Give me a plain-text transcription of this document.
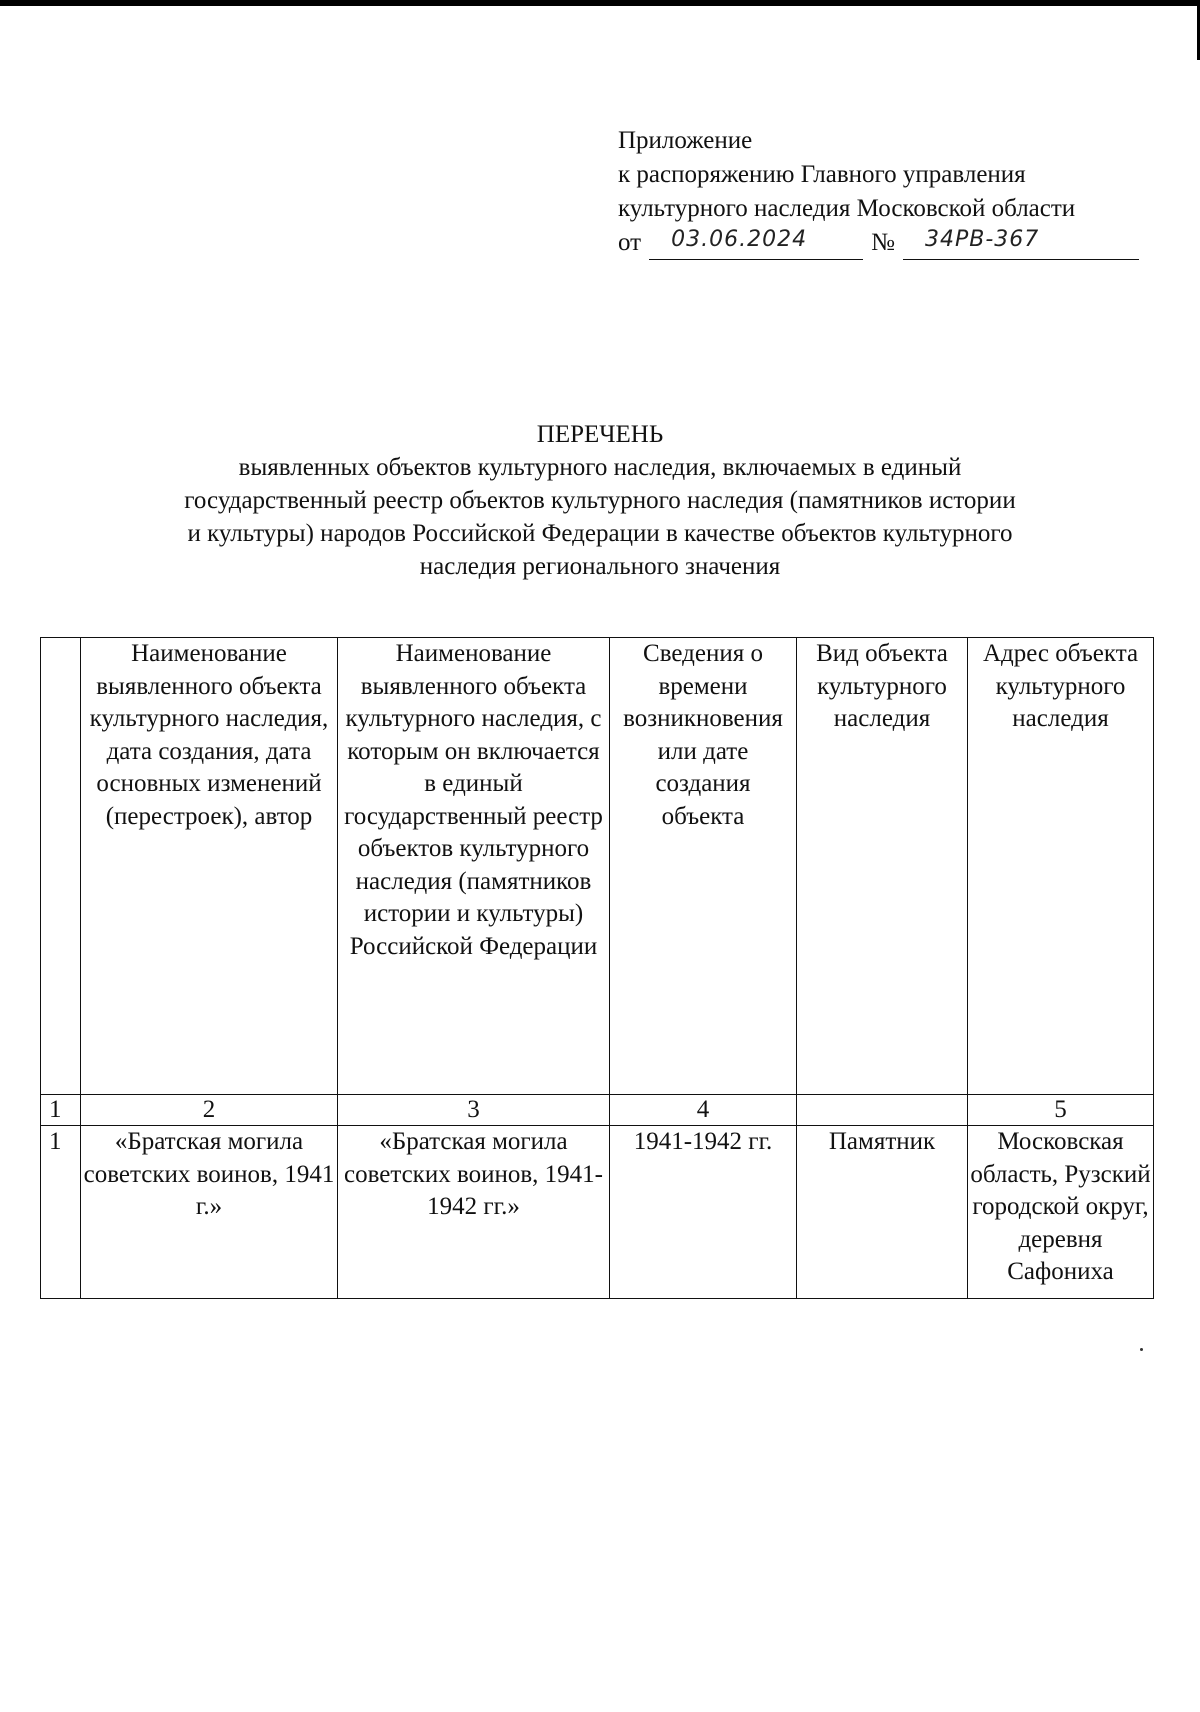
Приложение
к распоряжению Главного управления
культурного наследия Московской области
от 03.06.2024	№ 34РВ-367
ПЕРЕЧЕНЬ
выявленных объектов культурного наследия, включаемых в единый
государственный реестр объектов культурного наследия (памятников истории
и культуры) народов Российской Федерации в качестве объектов культурного
наследия регионального значения
	Наименование выявленного объекта культурного наследия, дата создания, дата основных изменений (перестроек), автор	Наименование выявленного объекта культурного наследия, с которым он включается в единый государственный реестр объектов культурного наследия (памятников истории и культуры) Российской Федерации	Сведения о времени возникновения или дате создания объекта	Вид объекта культурного наследия	Адрес объекта культурного наследия
1	2	3	4		5
1	«Братская могила советских воинов, 1941 г.»	«Братская могила советских воинов, 1941-1942 гг.»	1941-1942 гг.	Памятник	Московская область, Рузский городской округ, деревня Сафониха
